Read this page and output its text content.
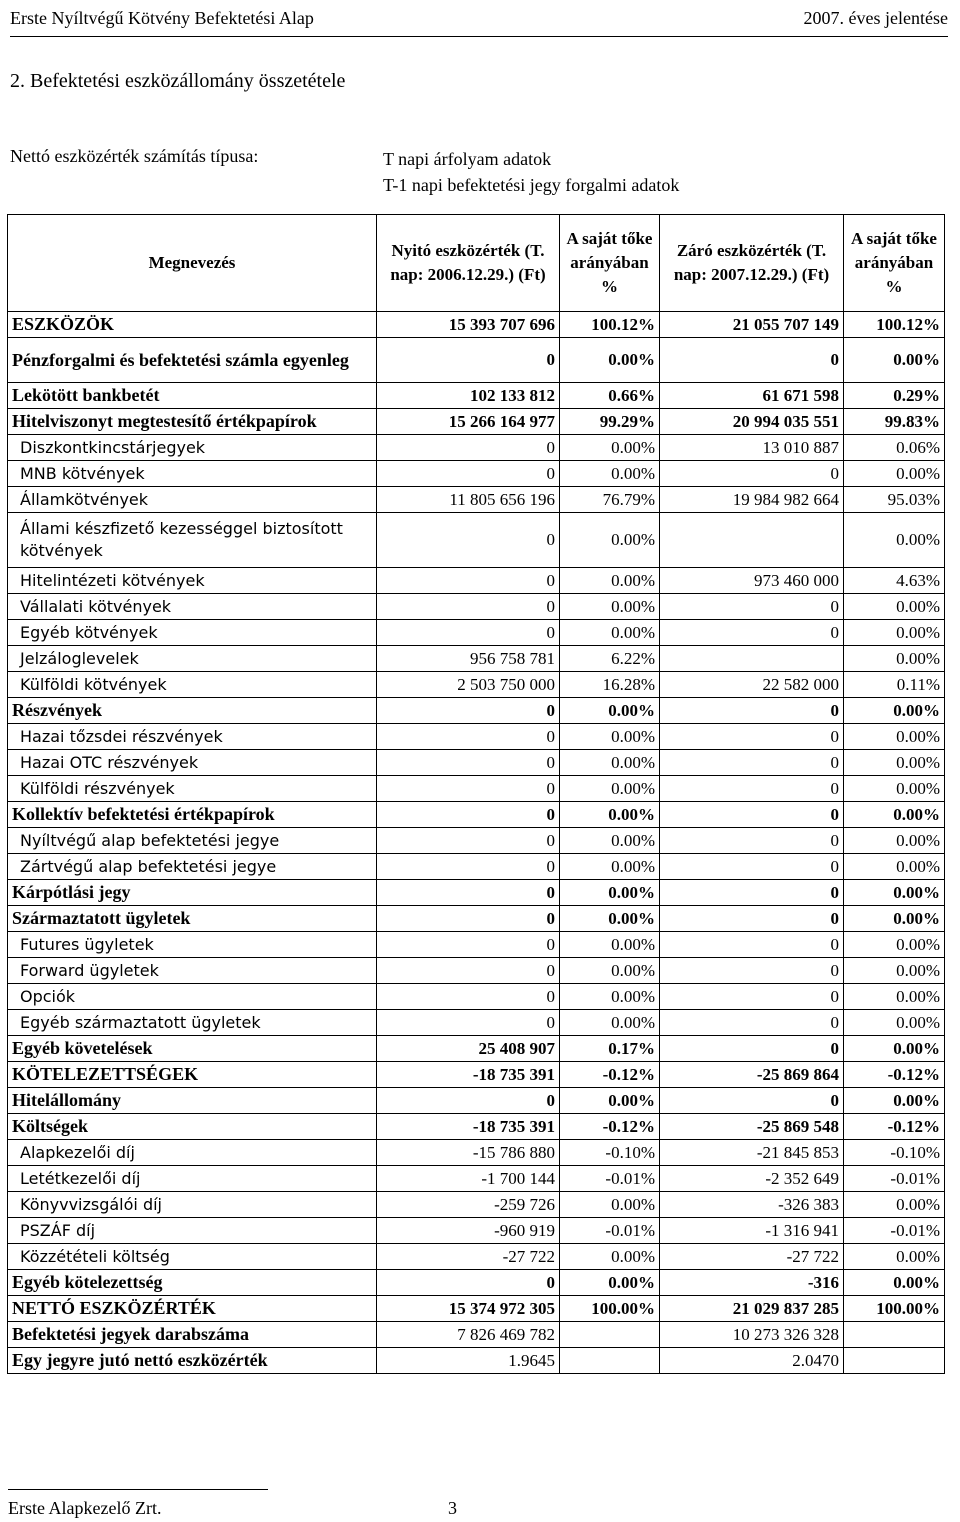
Erste Nyíltvégű Kötvény Befektetési Alap	2007. éves jelentése
2. Befektetési eszközállomány összetétele
Nettó eszközérték számítás típusa:	T napi árfolyam adatok
T-1 napi befektetési jegy forgalmi adatok
Megnevezés	Nyitó eszközérték (T. nap: 2006.12.29.) (Ft)	A saját tőke arányában %	Záró eszközérték (T. nap: 2007.12.29.) (Ft)	A saját tőke arányában %
ESZKÖZÖK	15 393 707 696	100.12%	21 055 707 149	100.12%
Pénzforgalmi és befektetési számla egyenleg	0	0.00%	0	0.00%
Lekötött bankbetét	102 133 812	0.66%	61 671 598	0.29%
Hitelviszonyt megtestesítő értékpapírok	15 266 164 977	99.29%	20 994 035 551	99.83%
Diszkontkincstárjegyek	0	0.00%	13 010 887	0.06%
MNB kötvények	0	0.00%	0	0.00%
Államkötvények	11 805 656 196	76.79%	19 984 982 664	95.03%
Állami készfizető kezességgel biztosított kötvények	0	0.00%		0.00%
Hitelintézeti kötvények	0	0.00%	973 460 000	4.63%
Vállalati kötvények	0	0.00%	0	0.00%
Egyéb kötvények	0	0.00%	0	0.00%
Jelzáloglevelek	956 758 781	6.22%		0.00%
Külföldi kötvények	2 503 750 000	16.28%	22 582 000	0.11%
Részvények	0	0.00%	0	0.00%
Hazai tőzsdei részvények	0	0.00%	0	0.00%
Hazai OTC részvények	0	0.00%	0	0.00%
Külföldi részvények	0	0.00%	0	0.00%
Kollektív befektetési értékpapírok	0	0.00%	0	0.00%
Nyíltvégű alap befektetési jegye	0	0.00%	0	0.00%
Zártvégű alap befektetési jegye	0	0.00%	0	0.00%
Kárpótlási jegy	0	0.00%	0	0.00%
Származtatott ügyletek	0	0.00%	0	0.00%
Futures ügyletek	0	0.00%	0	0.00%
Forward ügyletek	0	0.00%	0	0.00%
Opciók	0	0.00%	0	0.00%
Egyéb származtatott ügyletek	0	0.00%	0	0.00%
Egyéb követelések	25 408 907	0.17%	0	0.00%
KÖTELEZETTSÉGEK	-18 735 391	-0.12%	-25 869 864	-0.12%
Hitelállomány	0	0.00%	0	0.00%
Költségek	-18 735 391	-0.12%	-25 869 548	-0.12%
Alapkezelői díj	-15 786 880	-0.10%	-21 845 853	-0.10%
Letétkezelői díj	-1 700 144	-0.01%	-2 352 649	-0.01%
Könyvvizsgálói díj	-259 726	0.00%	-326 383	0.00%
PSZÁF díj	-960 919	-0.01%	-1 316 941	-0.01%
Közzétételi költség	-27 722	0.00%	-27 722	0.00%
Egyéb kötelezettség	0	0.00%	-316	0.00%
NETTÓ ESZKÖZÉRTÉK	15 374 972 305	100.00%	21 029 837 285	100.00%
Befektetési jegyek darabszáma	7 826 469 782		10 273 326 328	
Egy jegyre jutó nettó eszközérték	1.9645		2.0470	
Erste Alapkezelő Zrt.	3
